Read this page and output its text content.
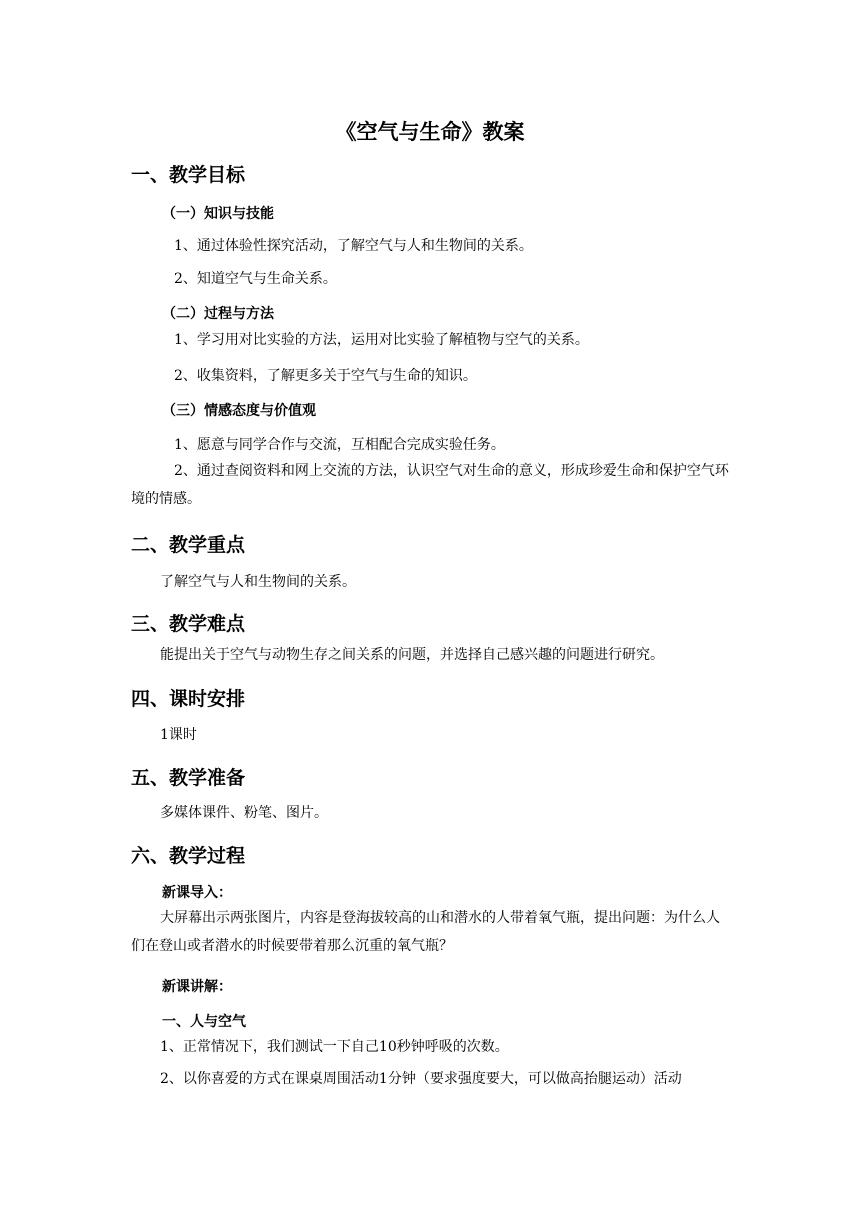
《空气与生命》教案
一、教学目标
（一）知识与技能
1、通过体验性探究活动，了解空气与人和生物间的关系。
2、知道空气与生命关系。
（二）过程与方法
1、学习用对比实验的方法，运用对比实验了解植物与空气的关系。
2、收集资料，了解更多关于空气与生命的知识。
（三）情感态度与价值观
1、愿意与同学合作与交流，互相配合完成实验任务。
2、通过查阅资料和网上交流的方法，认识空气对生命的意义，形成珍爱生命和保护空气环境的情感。
二、教学重点
了解空气与人和生物间的关系。
三、教学难点
能提出关于空气与动物生存之间关系的问题，并选择自己感兴趣的问题进行研究。
四、课时安排
1课时
五、教学准备
多媒体课件、粉笔、图片。
六、教学过程
新课导入：
大屏幕出示两张图片，内容是登海拔较高的山和潜水的人带着氧气瓶，提出问题：为什么人们在登山或者潜水的时候要带着那么沉重的氧气瓶？
新课讲解：
一、人与空气
1、正常情况下，我们测试一下自己10秒钟呼吸的次数。
2、以你喜爱的方式在课桌周围活动1分钟（要求强度要大，可以做高抬腿运动）活动
